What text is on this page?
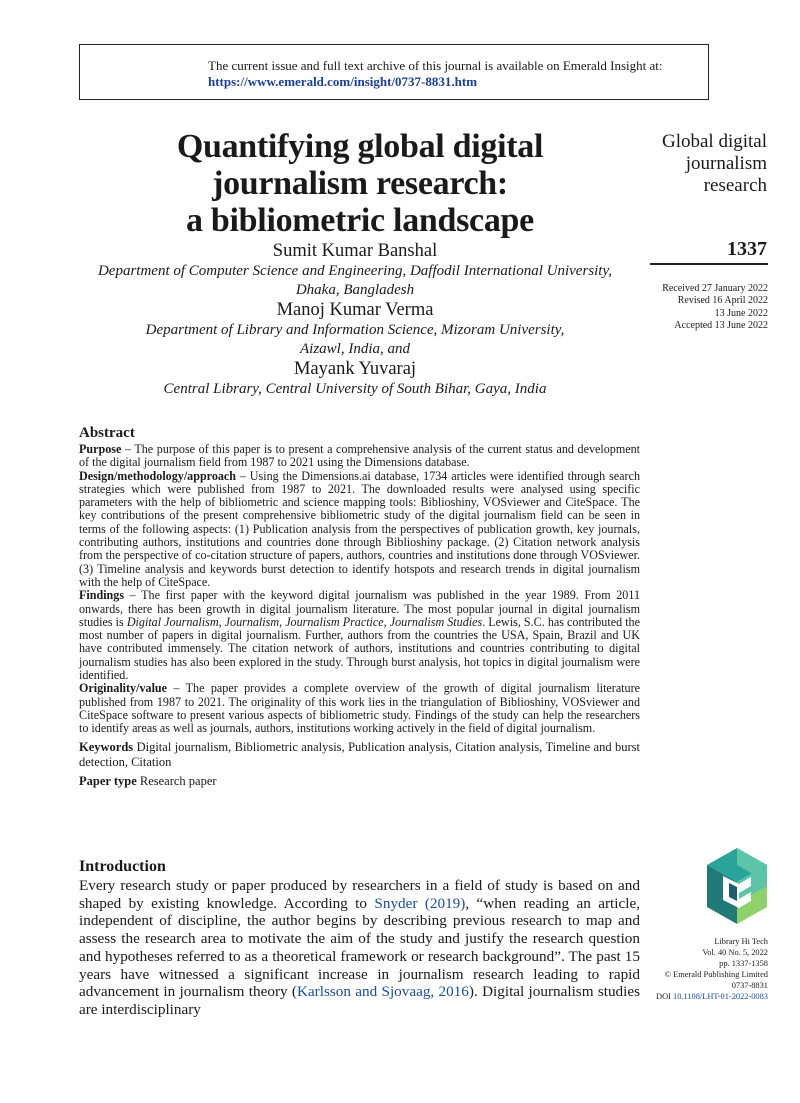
The current issue and full text archive of this journal is available on Emerald Insight at:
https://www.emerald.com/insight/0737-8831.htm
Quantifying global digital
journalism research:
a bibliometric landscape
Global digital
journalism
research
1337
Received 27 January 2022
Revised 16 April 2022
13 June 2022
Accepted 13 June 2022
Sumit Kumar Banshal
Department of Computer Science and Engineering, Daffodil International University,
Dhaka, Bangladesh
Manoj Kumar Verma
Department of Library and Information Science, Mizoram University,
Aizawl, India, and
Mayank Yuvaraj
Central Library, Central University of South Bihar, Gaya, India
Abstract

Purpose – The purpose of this paper is to present a comprehensive analysis of the current status and development of the digital journalism field from 1987 to 2021 using the Dimensions database.

Design/methodology/approach – Using the Dimensions.ai database, 1734 articles were identified through search strategies which were published from 1987 to 2021. The downloaded results were analysed using specific parameters with the help of bibliometric and science mapping tools: Biblioshiny, VOSviewer and CiteSpace. The key contributions of the present comprehensive bibliometric study of the digital journalism field can be seen in terms of the following aspects: (1) Publication analysis from the perspectives of publication growth, key journals, contributing authors, institutions and countries done through Biblioshiny package. (2) Citation network analysis from the perspective of co-citation structure of papers, authors, countries and institutions done through VOSviewer. (3) Timeline analysis and keywords burst detection to identify hotspots and research trends in digital journalism with the help of CiteSpace.

Findings – The first paper with the keyword digital journalism was published in the year 1989. From 2011 onwards, there has been growth in digital journalism literature. The most popular journal in digital journalism studies is Digital Journalism, Journalism, Journalism Practice, Journalism Studies. Lewis, S.C. has contributed the most number of papers in digital journalism. Further, authors from the countries the USA, Spain, Brazil and UK have contributed immensely. The citation network of authors, institutions and countries contributing to digital journalism studies has also been explored in the study. Through burst analysis, hot topics in digital journalism were identified.

Originality/value – The paper provides a complete overview of the growth of digital journalism literature published from 1987 to 2021. The originality of this work lies in the triangulation of Biblioshiny, VOSviewer and CiteSpace software to present various aspects of bibliometric study. Findings of the study can help the researchers to identify areas as well as journals, authors, institutions working actively in the field of digital journalism.

Keywords Digital journalism, Bibliometric analysis, Publication analysis, Citation analysis, Timeline and burst detection, Citation

Paper type Research paper

Introduction
Every research study or paper produced by researchers in a field of study is based on and shaped by existing knowledge. According to Snyder (2019), “when reading an article, independent of discipline, the author begins by describing previous research to map and assess the research area to motivate the aim of the study and justify the research question and hypotheses referred to as a theoretical framework or research background”. The past 15 years have witnessed a significant increase in journalism research leading to rapid advancement in journalism theory (Karlsson and Sjovaag, 2016). Digital journalism studies are interdisciplinary
Library Hi Tech
Vol. 40 No. 5, 2022
pp. 1337-1358
© Emerald Publishing Limited
0737-8831
DOI 10.1108/LHT-01-2022-0083
